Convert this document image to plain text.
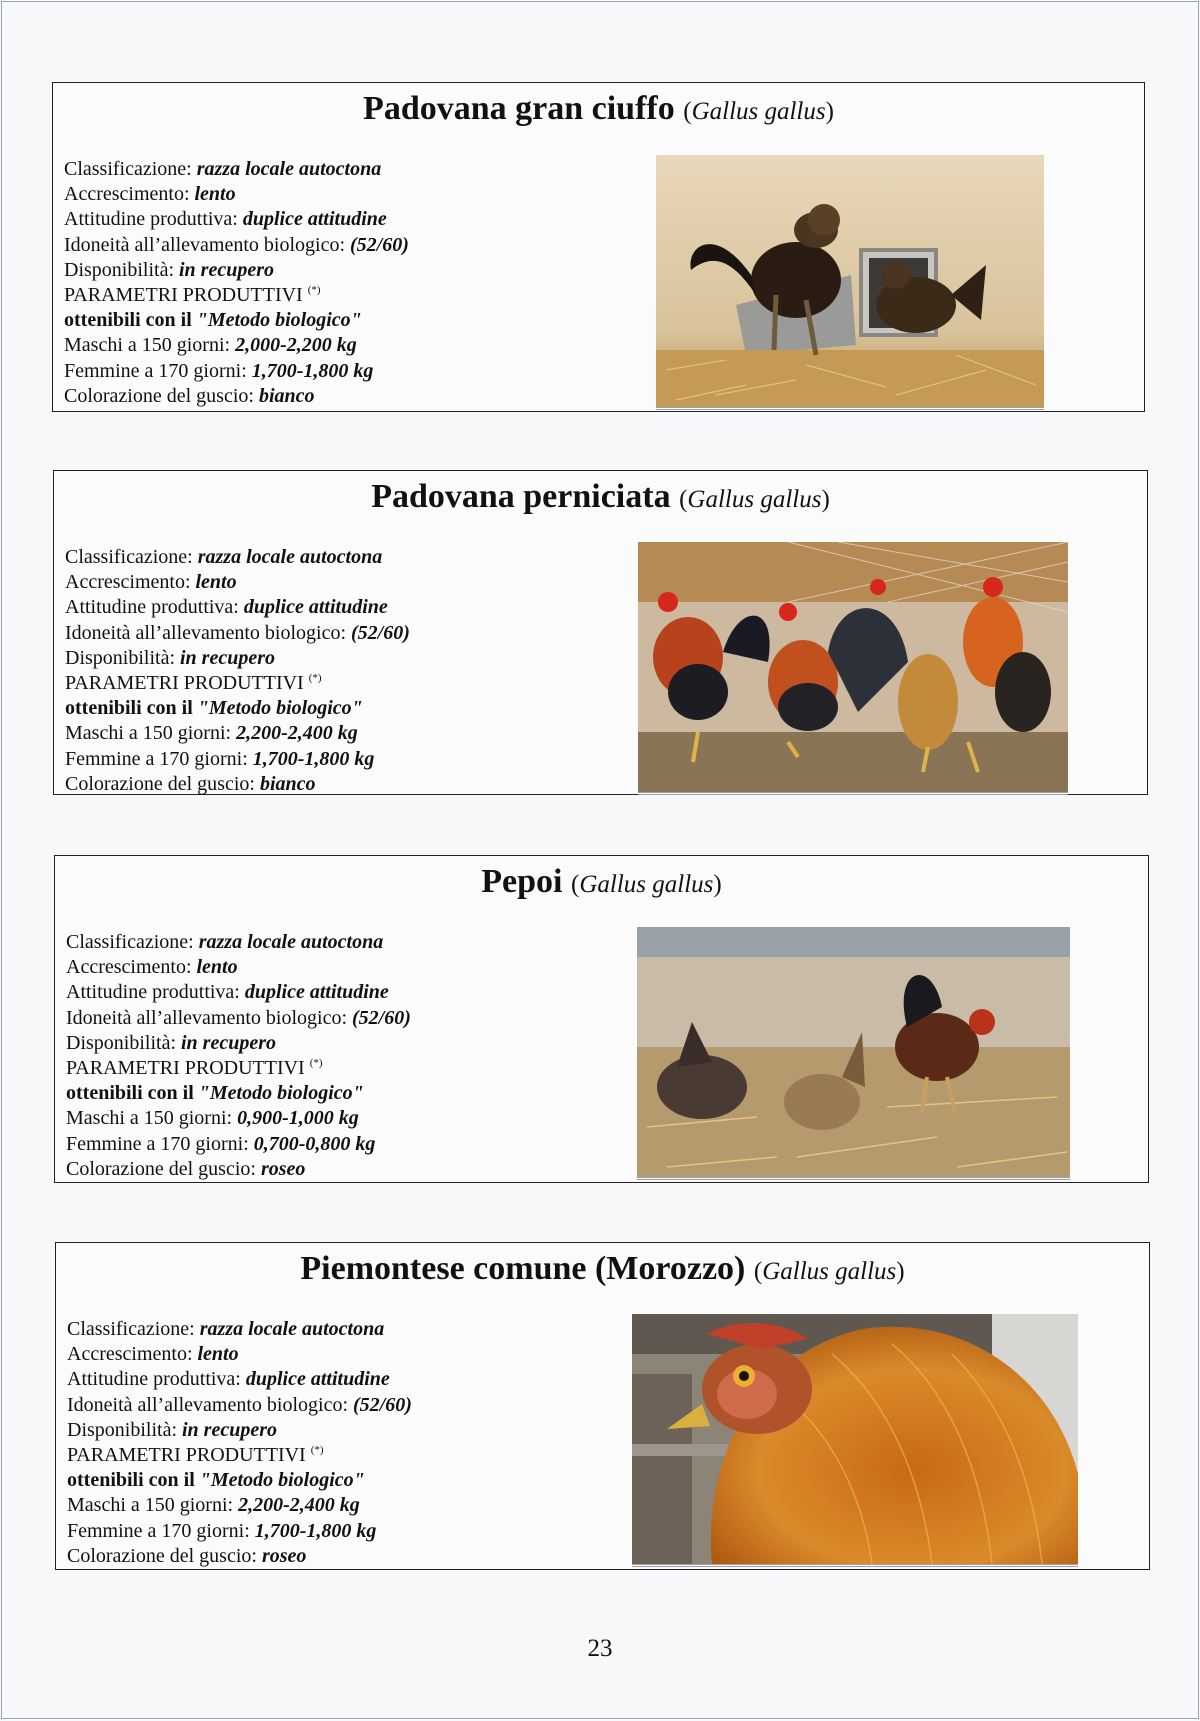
Padovana gran ciuffo (Gallus gallus)
Classificazione: razza locale autoctona
Accrescimento: lento
Attitudine produttiva: duplice attitudine
Idoneità all’allevamento biologico: (52/60)
Disponibilità: in recupero
PARAMETRI PRODUTTIVI (*)
ottenibili con il "Metodo biologico"
Maschi a 150 giorni: 2,000-2,200 kg
Femmine a 170 giorni: 1,700-1,800 kg
Colorazione del guscio: bianco
Padovana perniciata (Gallus gallus)
Classificazione: razza locale autoctona
Accrescimento: lento
Attitudine produttiva: duplice attitudine
Idoneità all’allevamento biologico: (52/60)
Disponibilità: in recupero
PARAMETRI PRODUTTIVI (*)
ottenibili con il "Metodo biologico"
Maschi a 150 giorni: 2,200-2,400 kg
Femmine a 170 giorni: 1,700-1,800 kg
Colorazione del guscio: bianco
Pepoi (Gallus gallus)
Classificazione: razza locale autoctona
Accrescimento: lento
Attitudine produttiva: duplice attitudine
Idoneità all’allevamento biologico: (52/60)
Disponibilità: in recupero
PARAMETRI PRODUTTIVI (*)
ottenibili con il "Metodo biologico"
Maschi a 150 giorni: 0,900-1,000 kg
Femmine a 170 giorni: 0,700-0,800 kg
Colorazione del guscio: roseo
Piemontese comune (Morozzo) (Gallus gallus)
Classificazione: razza locale autoctona
Accrescimento: lento
Attitudine produttiva: duplice attitudine
Idoneità all’allevamento biologico: (52/60)
Disponibilità: in recupero
PARAMETRI PRODUTTIVI (*)
ottenibili con il "Metodo biologico"
Maschi a 150 giorni: 2,200-2,400 kg
Femmine a 170 giorni: 1,700-1,800 kg
Colorazione del guscio: roseo
23
